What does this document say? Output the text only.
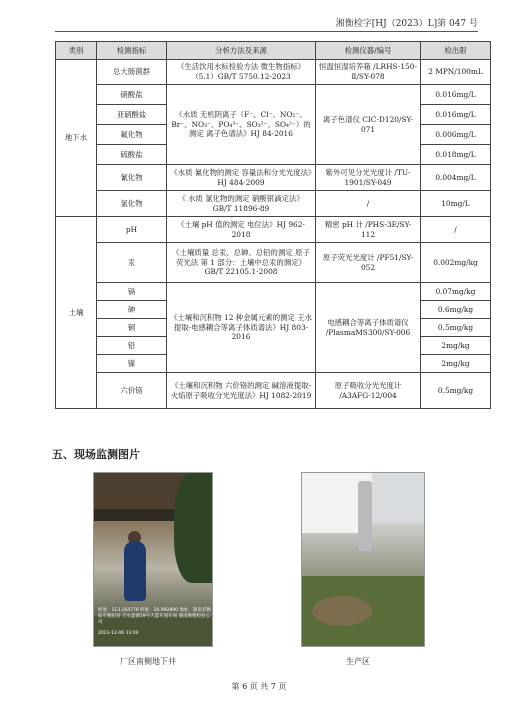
湘衡检字[HJ（2023）L]第 047 号
类别	检测指标	分析方法及来源	检测仪器/编号	检出限
地下水	总大肠菌群	《生活饮用水标检验方法 微生物指标》（5.1）GB/T 5750.12-2023	恒温恒湿培养箱 /LRHS-150-Ⅱ/SY-078	2 MPN/100mL
	硝酸盐	《水质 无机阴离子（F⁻、Cl⁻、NO₂⁻、Br⁻、NO₃⁻、PO₄³⁻、SO₃²⁻、SO₄²⁻）的测定 离子色谱法》HJ 84-2016	离子色谱仪 CIC-D120/SY-071	0.016mg/L
	亚硝酸盐			0.016mg/L
	氟化物			0.006mg/L
	硫酸盐			0.018mg/L
	氰化物	《水质 氰化物的测定 容量法和分光光度法》HJ 484-2009	紫外可见分光光度计 /TU-1901/SY-049	0.004mg/L
	氯化物	《 水质 氯化物的测定 硝酸银滴定法》GB/T 11896-89	/	10mg/L

土壤	pH	《土壤 pH 值的测定 电位法》HJ 962-2018	精密 pH 计 /PHS-3E/SY-112	/
	汞	《土壤质量 总汞、总砷、总铅的测定 原子荧光法 第 1 部分：土壤中总汞的测定》GB/T 22105.1-2008	原子荧光光度计 /PF51/SY-052	0.002mg/kg
	镉	《土壤和沉积物 12 种金属元素的测定 王水提取-电感耦合等离子体质谱法》HJ 803-2016	电感耦合等离子体质谱仪 /PlasmaMS300/SY-006	0.07mg/kg
	砷			0.6mg/kg
	铜			0.5mg/kg
	铅			2mg/kg
	镍			2mg/kg
	六价铬	《土壤和沉积物 六价铬的测定 碱溶液提取-火焰原子吸收分光光度法》HJ 1082-2019	原子吸收分光光度计 /A3AFG-12/004	0.5mg/kg
五、现场监测图片
经度：113.164776 纬度：26.992890 地址：湖南省衡阳市衡阳县 天水蓝镇19号天蓝车间车间 湖南衡衡检验公司
2023-12-06 13:00
厂区南侧地下井	生产区
第 6 页 共 7 页
